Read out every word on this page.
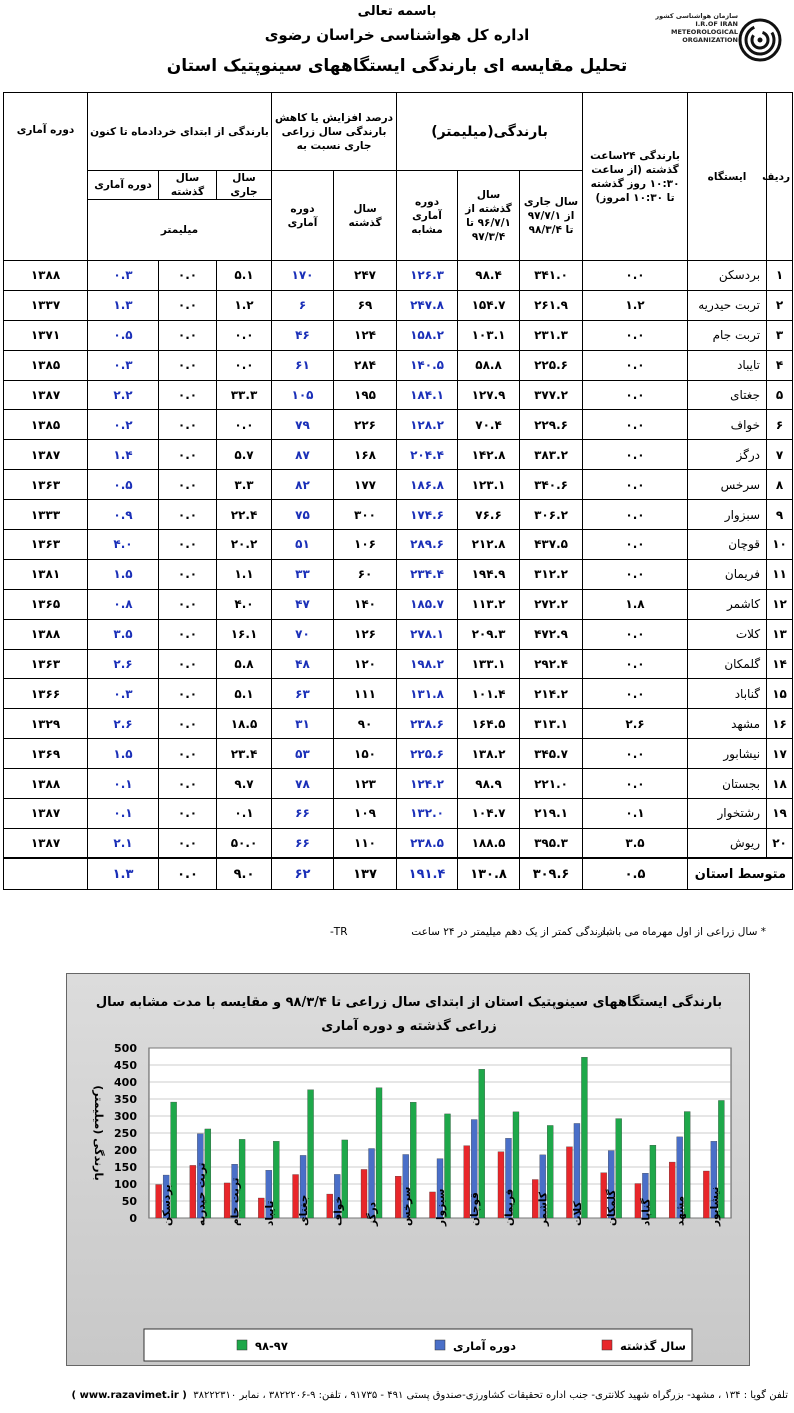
باسمه تعالی
اداره کل هواشناسی خراسان رضوی
تحلیل مقایسه ای بارندگی ایستگاههای سینوپتیک استان
سازمان هواشناسی کشور I.R.OF IRAN METEOROLOGICAL ORGANIZATION
ردیف	ایستگاه	بارندگی ۲۴ساعت گذشته (از ساعت ۱۰:۳۰ روز گذشته تا ۱۰:۳۰ امروز)	بارندگی(میلیمتر)			درصد افزایش یا کاهش بارندگی سال زراعی جاری نسبت به		بارندگی از ابتدای خردادماه تا کنون			دوره آماری
			سال جاری از ۹۷/۷/۱ تا ۹۸/۳/۴	سال گذشته از ۹۶/۷/۱ تا ۹۷/۳/۴	دوره آماری مشابه	سال گذشته	دوره آماری	سال جاری	سال گذشته	دوره آماری	
								میلیمتر			
۱	بردسکن	۰.۰	۳۴۱.۰	۹۸.۴	۱۲۶.۳	۲۴۷	۱۷۰	۵.۱	۰.۰	۰.۳	۱۳۸۸
۲	تربت حیدریه	۱.۲	۲۶۱.۹	۱۵۴.۷	۲۴۷.۸	۶۹	۶	۱.۲	۰.۰	۱.۳	۱۳۳۷
۳	تربت جام	۰.۰	۲۳۱.۳	۱۰۳.۱	۱۵۸.۲	۱۲۴	۴۶	۰.۰	۰.۰	۰.۵	۱۳۷۱
۴	تایباد	۰.۰	۲۲۵.۶	۵۸.۸	۱۴۰.۵	۲۸۴	۶۱	۰.۰	۰.۰	۰.۳	۱۳۸۵
۵	جغتای	۰.۰	۳۷۷.۲	۱۲۷.۹	۱۸۴.۱	۱۹۵	۱۰۵	۳۳.۳	۰.۰	۲.۲	۱۳۸۷
۶	خواف	۰.۰	۲۲۹.۶	۷۰.۴	۱۲۸.۲	۲۲۶	۷۹	۰.۰	۰.۰	۰.۲	۱۳۸۵
۷	درگز	۰.۰	۳۸۳.۲	۱۴۲.۸	۲۰۴.۴	۱۶۸	۸۷	۵.۷	۰.۰	۱.۴	۱۳۸۷
۸	سرخس	۰.۰	۳۴۰.۶	۱۲۳.۱	۱۸۶.۸	۱۷۷	۸۲	۳.۳	۰.۰	۰.۵	۱۳۶۳
۹	سبزوار	۰.۰	۳۰۶.۲	۷۶.۶	۱۷۴.۶	۳۰۰	۷۵	۲۲.۴	۰.۰	۰.۹	۱۳۳۳
۱۰	قوچان	۰.۰	۴۳۷.۵	۲۱۲.۸	۲۸۹.۶	۱۰۶	۵۱	۲۰.۲	۰.۰	۴.۰	۱۳۶۳
۱۱	فریمان	۰.۰	۳۱۲.۲	۱۹۴.۹	۲۳۴.۴	۶۰	۳۳	۱.۱	۰.۰	۱.۵	۱۳۸۱
۱۲	کاشمر	۱.۸	۲۷۲.۲	۱۱۳.۲	۱۸۵.۷	۱۴۰	۴۷	۴.۰	۰.۰	۰.۸	۱۳۶۵
۱۳	کلات	۰.۰	۴۷۲.۹	۲۰۹.۳	۲۷۸.۱	۱۲۶	۷۰	۱۶.۱	۰.۰	۳.۵	۱۳۸۸
۱۴	گلمکان	۰.۰	۲۹۲.۴	۱۳۳.۱	۱۹۸.۲	۱۲۰	۴۸	۵.۸	۰.۰	۲.۶	۱۳۶۳
۱۵	گناباد	۰.۰	۲۱۴.۲	۱۰۱.۴	۱۳۱.۸	۱۱۱	۶۳	۵.۱	۰.۰	۰.۳	۱۳۶۶
۱۶	مشهد	۲.۶	۳۱۳.۱	۱۶۴.۵	۲۳۸.۶	۹۰	۳۱	۱۸.۵	۰.۰	۲.۶	۱۳۲۹
۱۷	نیشابور	۰.۰	۳۴۵.۷	۱۳۸.۲	۲۲۵.۶	۱۵۰	۵۳	۲۳.۴	۰.۰	۱.۵	۱۳۶۹
۱۸	بجستان	۰.۰	۲۲۱.۰	۹۸.۹	۱۲۴.۲	۱۲۳	۷۸	۹.۷	۰.۰	۰.۱	۱۳۸۸
۱۹	رشتخوار	۰.۱	۲۱۹.۱	۱۰۴.۷	۱۳۲.۰	۱۰۹	۶۶	۰.۱	۰.۰	۰.۱	۱۳۸۷
۲۰	ریوش	۳.۵	۳۹۵.۳	۱۸۸.۵	۲۳۸.۵	۱۱۰	۶۶	۵۰.۰	۰.۰	۲.۱	۱۳۸۷
متوسط استان		۰.۵	۳۰۹.۶	۱۳۰.۸	۱۹۱.۴	۱۳۷	۶۲	۹.۰	۰.۰	۱.۳	
* سال زراعی از اول مهرماه می باشد.
بارندگی کمتر از یک دهم میلیمتر در ۲۴ ساعت
TR-
بارندگی ایستگاههای سینوپتیک استان از ابتدای سال زراعی تا ۹۸/۳/۴ و مقایسه با مدت مشابه سال
زراعی گذشته و دوره آماری
0
50
100
150
200
250
300
350
400
450
500
بارندگی (میلیمتر)
بردسکن تربت حیدریه تربت جام تایباد جغتای خواف درگز سرخس سبزوار قوچان فریمان کاشمر کلات گلمکان گناباد مشهد نیشابور
۹۸-۹۷	دوره آماری	سال گذشته
تلفن گویا : ۱۳۴ ، مشهد- بزرگراه شهید کلانتری- جنب اداره تحقیقات کشاورزی-صندوق پستی ۴۹۱ - ۹۱۷۳۵ ، تلفن: ۹-۳۸۲۲۲۰۶ ، نمابر ۳۸۲۲۲۳۱۰  ( www.razavimet.ir )
